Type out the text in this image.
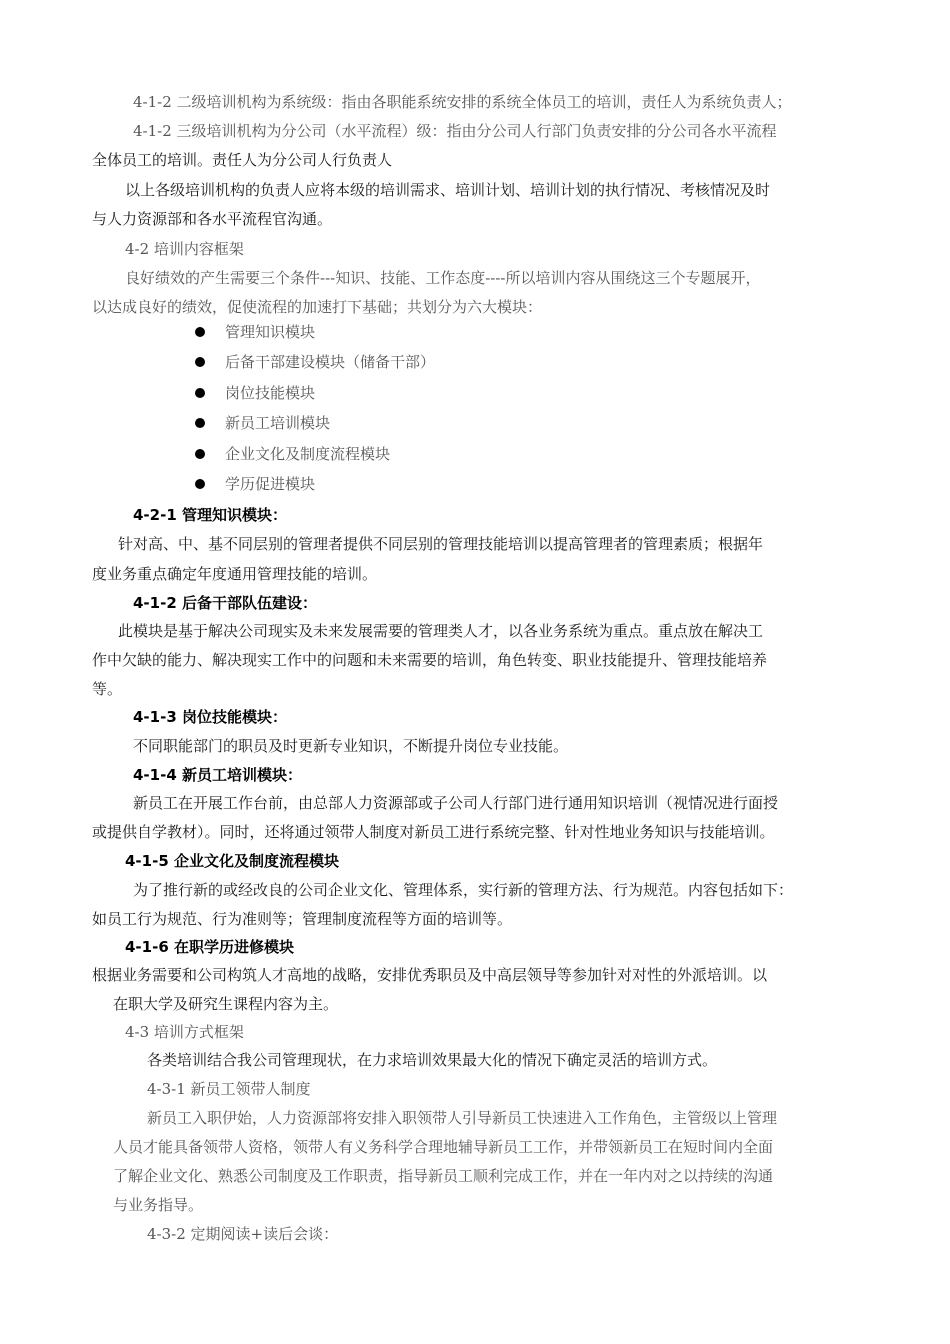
4-1-2 二级培训机构为系统级：指由各职能系统安排的系统全体员工的培训，责任人为系统负责人；
4-1-2 三级培训机构为分公司（水平流程）级：指由分公司人行部门负责安排的分公司各水平流程
全体员工的培训。责任人为分公司人行负责人
以上各级培训机构的负责人应将本级的培训需求、培训计划、培训计划的执行情况、考核情况及时
与人力资源部和各水平流程官沟通。
4-2 培训内容框架
良好绩效的产生需要三个条件---知识、技能、工作态度----所以培训内容从围绕这三个专题展开，
以达成良好的绩效，促使流程的加速打下基础；共划分为六大模块：
管理知识模块
后备干部建设模块（储备干部）
岗位技能模块
新员工培训模块
企业文化及制度流程模块
学历促进模块
4-2-1 管理知识模块：
针对高、中、基不同层别的管理者提供不同层别的管理技能培训以提高管理者的管理素质；根据年
度业务重点确定年度通用管理技能的培训。
4-1-2 后备干部队伍建设：
此模块是基于解决公司现实及未来发展需要的管理类人才，以各业务系统为重点。重点放在解决工
作中欠缺的能力、解决现实工作中的问题和未来需要的培训，角色转变、职业技能提升、管理技能培养
等。
4-1-3 岗位技能模块：
不同职能部门的职员及时更新专业知识，不断提升岗位专业技能。
4-1-4 新员工培训模块：
新员工在开展工作台前，由总部人力资源部或子公司人行部门进行通用知识培训（视情况进行面授
或提供自学教材）。同时，还将通过领带人制度对新员工进行系统完整、针对性地业务知识与技能培训。
4-1-5 企业文化及制度流程模块
为了推行新的或经改良的公司企业文化、管理体系，实行新的管理方法、行为规范。内容包括如下：
如员工行为规范、行为准则等；管理制度流程等方面的培训等。
4-1-6 在职学历进修模块
根据业务需要和公司构筑人才高地的战略，安排优秀职员及中高层领导等参加针对对性的外派培训。以
在职大学及研究生课程内容为主。
4-3 培训方式框架
各类培训结合我公司管理现状，在力求培训效果最大化的情况下确定灵活的培训方式。
4-3-1 新员工领带人制度
新员工入职伊始，人力资源部将安排入职领带人引导新员工快速进入工作角色，主管级以上管理
人员才能具备领带人资格，领带人有义务科学合理地辅导新员工工作，并带领新员工在短时间内全面
了解企业文化、熟悉公司制度及工作职责，指导新员工顺利完成工作，并在一年内对之以持续的沟通
与业务指导。
4-3-2 定期阅读+读后会谈：
